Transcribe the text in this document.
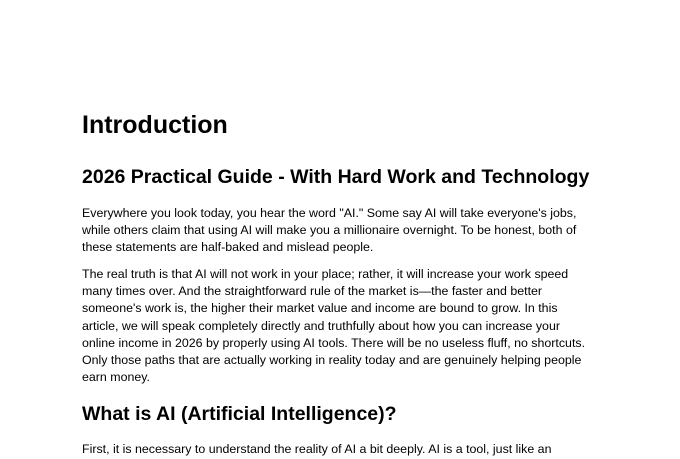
Introduction
2026 Practical Guide - With Hard Work and Technology

Everywhere you look today, you hear the word "AI." Some say AI will take everyone's jobs,
while others claim that using AI will make you a millionaire overnight. To be honest, both of
these statements are half-baked and mislead people.

The real truth is that AI will not work in your place; rather, it will increase your work speed
many times over. And the straightforward rule of the market is—the faster and better
someone's work is, the higher their market value and income are bound to grow. In this
article, we will speak completely directly and truthfully about how you can increase your
online income in 2026 by properly using AI tools. There will be no useless fluff, no shortcuts.
Only those paths that are actually working in reality today and are genuinely helping people
earn money.

What is AI (Artificial Intelligence)?

First, it is necessary to understand the reality of AI a bit deeply. AI is a tool, just like an
